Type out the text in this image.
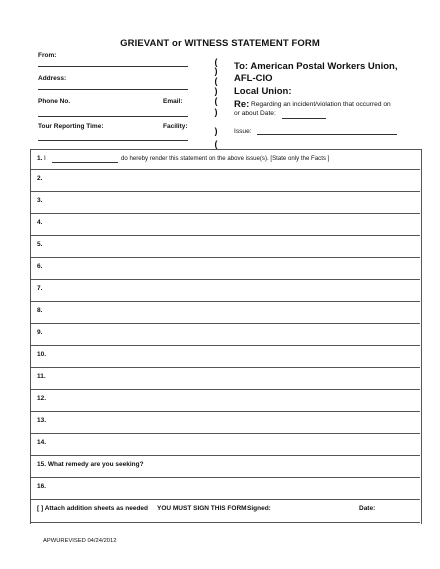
GRIEVANT or WITNESS STATEMENT FORM
From:
Address:
Phone No.	Email:
Tour Reporting Time:	Facility:
(
)
(
)
(
)
)
(
To: American Postal Workers Union,
AFL-CIO
Local Union:
Re: Regarding an incident/violation that occurred on
or about Date:
Issue:
1. I	do hereby render this statement on the above issue(s). [State only the Facts ]
2.
3.
4.
5.
6.
7.
8.
9.
10.
11.
12.
13.
14.
15. What remedy are you seeking?
16.
[ ] Attach addition sheets as needed YOU MUST SIGN THIS FORM Signed:	Date:
APWUREVISED 04/24/2012
